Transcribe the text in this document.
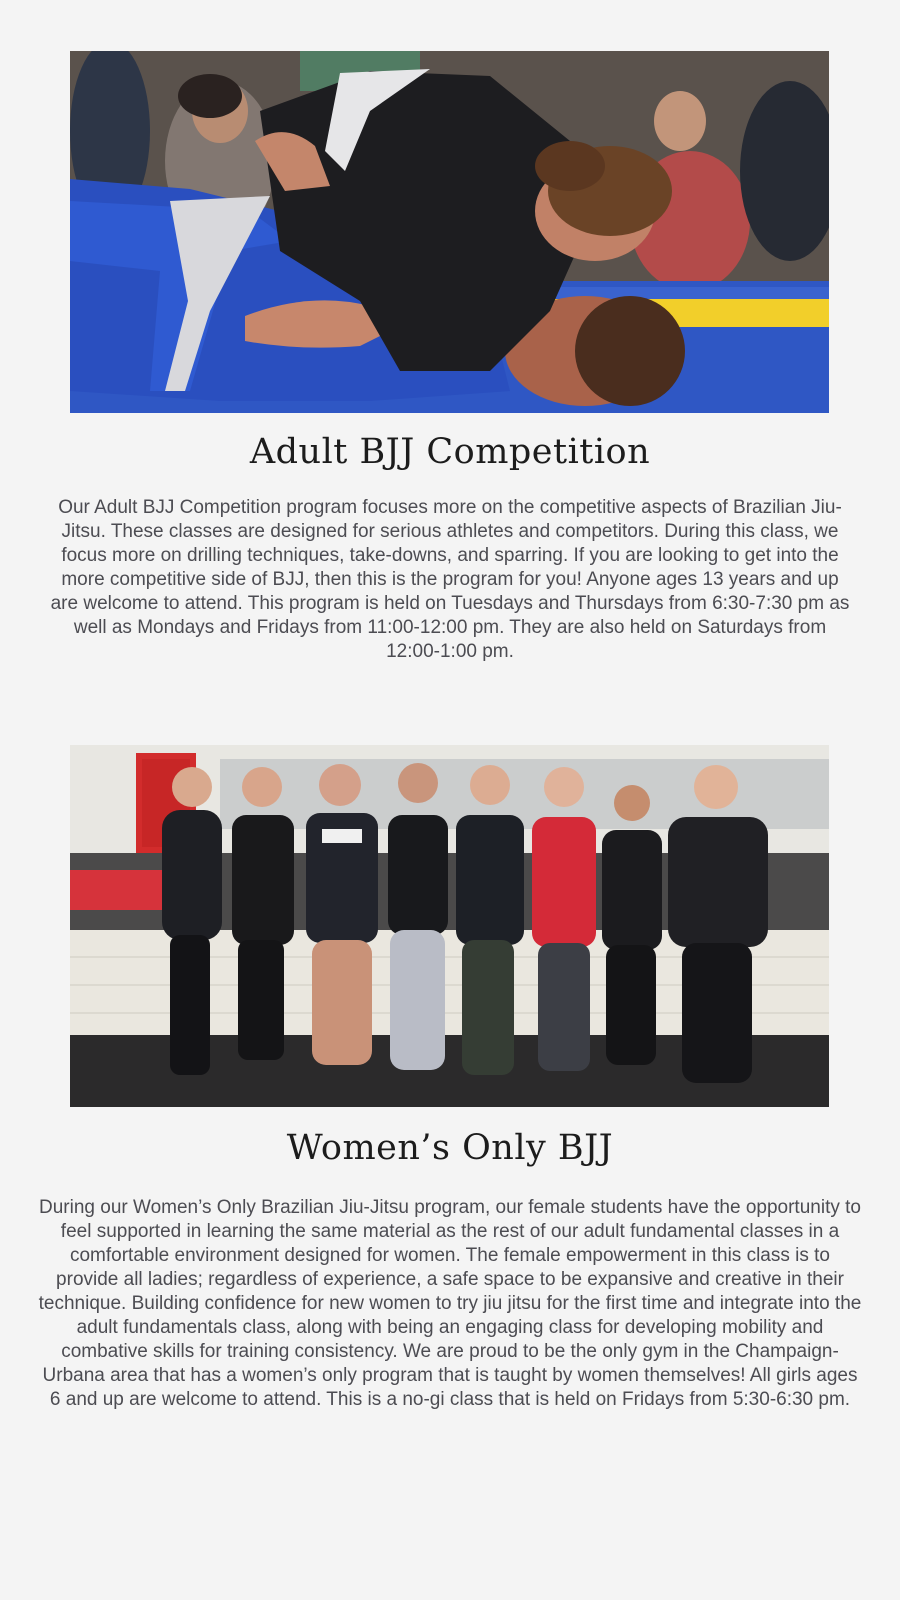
Adult BJJ Competition
Our Adult BJJ Competition program focuses more on the competitive aspects of Brazilian Jiu-Jitsu. These classes are designed for serious athletes and competitors. During this class, we focus more on drilling techniques, take-downs, and sparring. If you are looking to get into the more competitive side of BJJ, then this is the program for you! Anyone ages 13 years and up are welcome to attend. This program is held on Tuesdays and Thursdays from 6:30-7:30 pm as well as Mondays and Fridays from 11:00-12:00 pm. They are also held on Saturdays from 12:00-1:00 pm.
Women’s Only BJJ
During our Women’s Only Brazilian Jiu-Jitsu program, our female students have the opportunity to feel supported in learning the same material as the rest of our adult fundamental classes in a comfortable environment designed for women. The female empowerment in this class is to provide all ladies; regardless of experience, a safe space to be expansive and creative in their technique. Building confidence for new women to try jiu jitsu for the first time and integrate into the adult fundamentals class, along with being an engaging class for developing mobility and combative skills for training consistency. We are proud to be the only gym in the Champaign-Urbana area that has a women’s only program that is taught by women themselves! All girls ages 6 and up are welcome to attend. This is a no-gi class that is held on Fridays from 5:30-6:30 pm.
